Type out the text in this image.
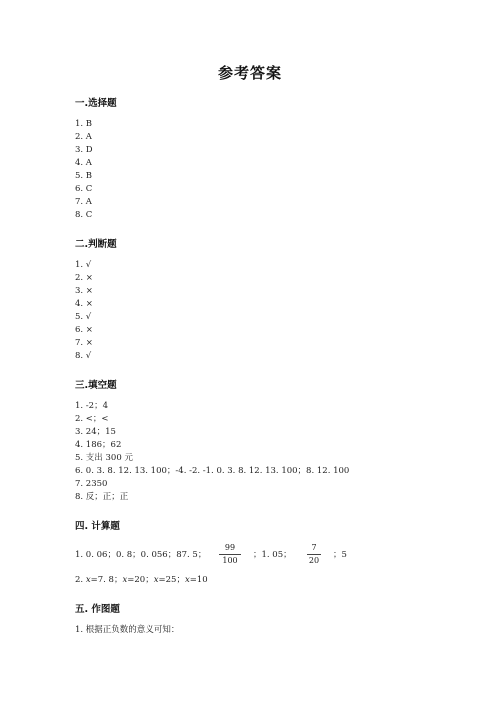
参考答案
一.选择题
1. B
2. A
3. D
4. A
5. B
6. C
7. A
8. C
二.判断题
1. √
2. ×
3. ×
4. ×
5. √
6. ×
7. ×
8. √
三.填空题
1. -2；4
2. <；<
3. 24；15
4. 186；62
5. 支出 300 元
6. 0. 3. 8. 12. 13. 100；-4. -2. -1. 0. 3. 8. 12. 13. 100；8. 12. 100
7. 2350
8. 反；正；正
四. 计算题
1. 0. 06；0. 8；0. 056；87. 5；
99
100
；1. 05；
7
20
；5
2. x=7. 8；x=20；x=25；x=10
五. 作图题
1. 根据正负数的意义可知：
